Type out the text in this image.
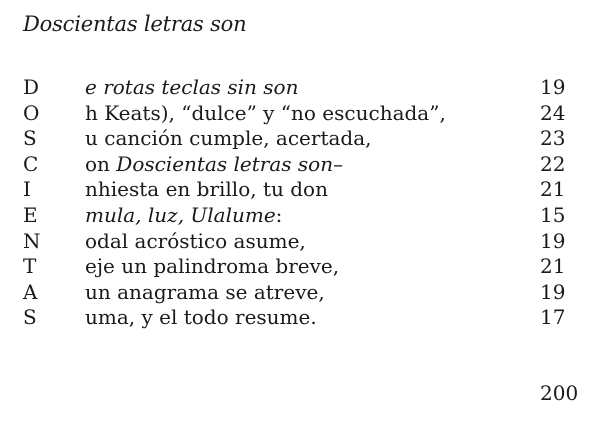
Doscientas letras son
D e rotas teclas sin son	19
O h Keats), “dulce” y “no escuchada”,	24
S u canción cumple, acertada,	23
C on Doscientas letras son–	22
I	nhiesta en brillo, tu don	21
E mula, luz, Ulalume:	15
N odal acróstico asume,	19
T eje un palindroma breve,	21
A un anagrama se atreve,	19
S uma, y el todo resume.	17
200
